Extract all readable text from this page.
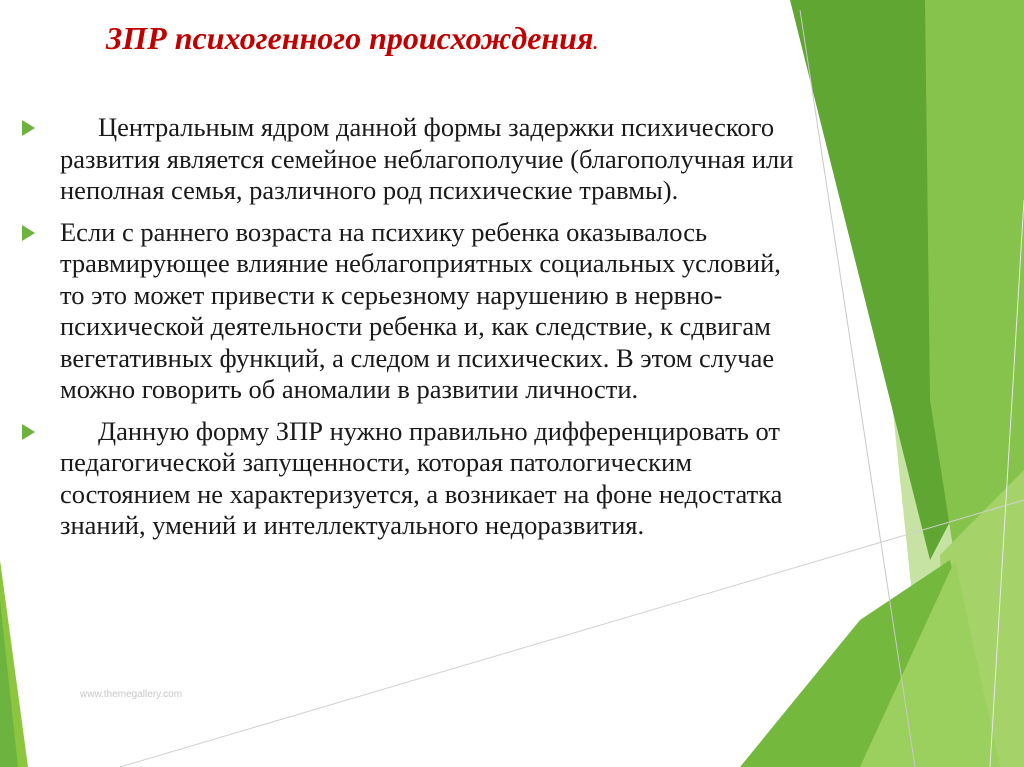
ЗПР психогенного происхождения.

Центральным ядром данной формы задержки психического развития является семейное неблагополучие (благополучная или неполная семья, различного род психические травмы).

Если с раннего возраста на психику ребенка оказывалось травмирующее влияние неблагоприятных социальных условий, то это может привести к серьезному нарушению в нервно-психической деятельности ребенка и, как следствие, к сдвигам вегетативных функций, а следом и психических. В этом случае можно говорить об аномалии в развитии личности.

Данную форму ЗПР нужно правильно дифференцировать от педагогической запущенности, которая патологическим состоянием не характеризуется, а возникает на фоне недостатка знаний, умений и интеллектуального недоразвития.

www.themegallery.com
